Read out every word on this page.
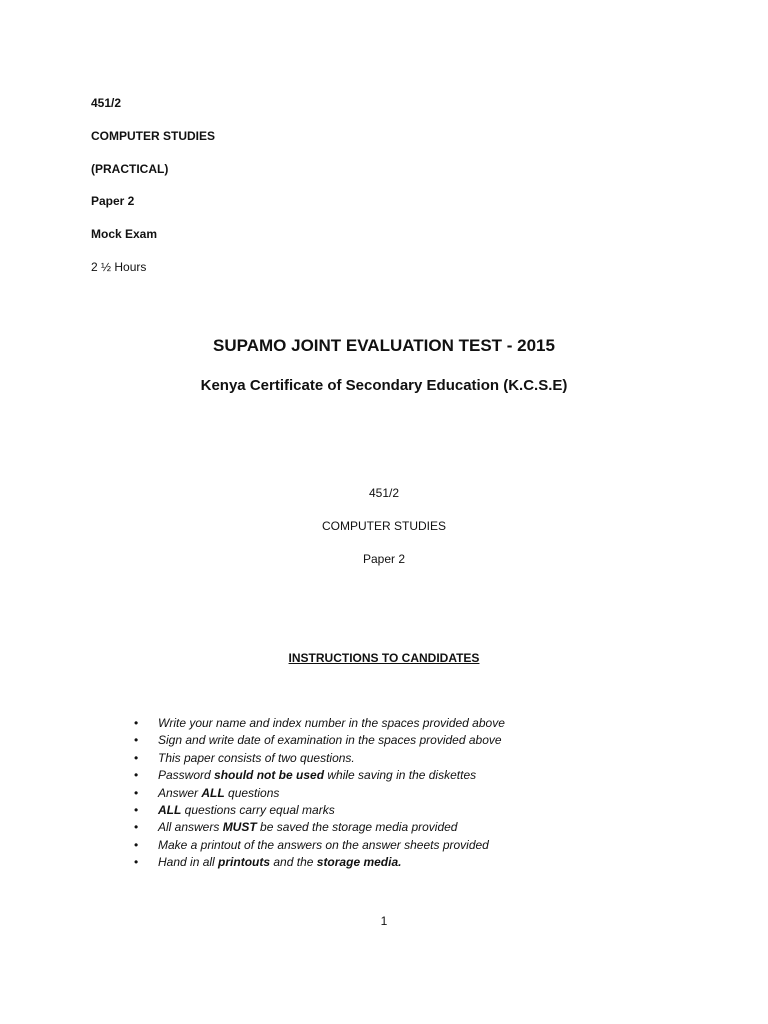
451/2
COMPUTER STUDIES
(PRACTICAL)
Paper 2
Mock Exam
2 ½ Hours
SUPAMO JOINT EVALUATION TEST - 2015
Kenya Certificate of Secondary Education (K.C.S.E)
451/2
COMPUTER STUDIES
Paper 2
INSTRUCTIONS TO CANDIDATES
• Write your name and index number in the spaces provided above
• Sign and write date of examination in the spaces provided above
• This paper consists of two questions.
• Password should not be used while saving in the diskettes
• Answer ALL questions
• ALL questions carry equal marks
• All answers MUST be saved the storage media provided
• Make a printout of the answers on the answer sheets provided
• Hand in all printouts and the storage media.
1
